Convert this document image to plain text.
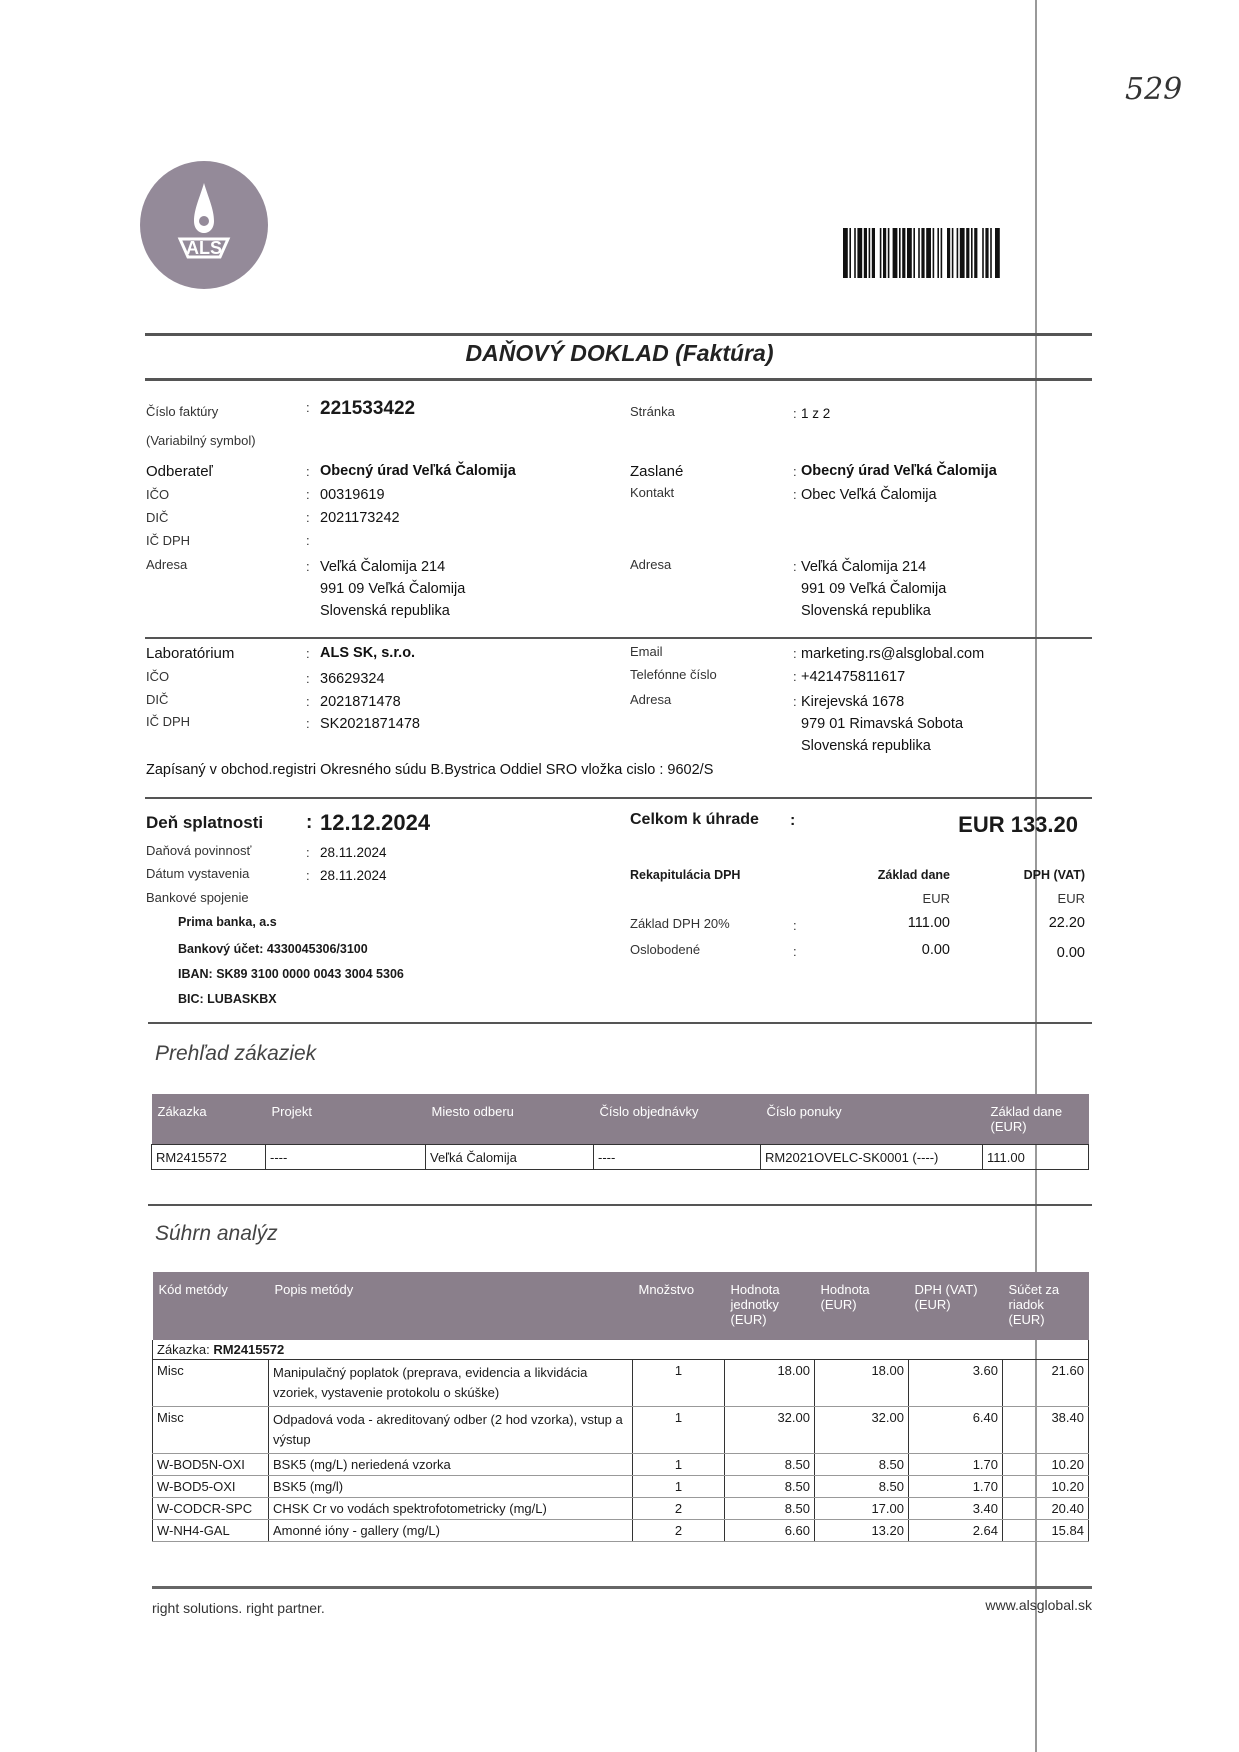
529
ALS
DAŇOVÝ DOKLAD (Faktúra)
Číslo faktúry
(Variabilný symbol)
: 221533422	Stránka	: 1 z 2
Odberateľ	: Obecný úrad Veľká Čalomija
IČO	: 00319619
DIČ	: 2021173242
IČ DPH	:
Adresa	: Veľká Čalomija 214
991 09 Veľká Čalomija
Slovenská republika
Zaslané	: Obecný úrad Veľká Čalomija
Kontakt	: Obec Veľká Čalomija
Adresa	: Veľká Čalomija 214
991 09 Veľká Čalomija
Slovenská republika
Laboratórium	: ALS SK, s.r.o.
IČO	: 36629324
DIČ	: 2021871478
IČ DPH	: SK2021871478
Email	: marketing.rs@alsglobal.com
Telefónne číslo	: +421475811617
Adresa	: Kirejevská 1678
979 01 Rimavská Sobota
Slovenská republika
Zapísaný v obchod.registri Okresného súdu B.Bystrica Oddiel SRO vložka cislo : 9602/S
Deň splatnosti : 12.12.2024
Daňová povinnosť	: 28.11.2024
Dátum vystavenia	: 28.11.2024
Bankové spojenie
Prima banka, a.s
Bankový účet: 4330045306/3100
IBAN: SK89 3100 0000 0043 3004 5306
BIC: LUBASKBX
Celkom k úhrade :	EUR 133.20
Rekapitulácia DPH	Základ dane	DPH (VAT)
EUR	EUR
Základ DPH 20%	:	111.00	22.20
Oslobodené	:	0.00	0.00
Prehľad zákaziek
Zákazka	Projekt	Miesto odberu	Číslo objednávky	Číslo ponuky	Základ dane (EUR)
RM2415572	----	Veľká Čalomija	----	RM2021OVELC-SK0001 (----)	111.00
Súhrn analýz
Kód metódy	Popis metódy	Množstvo	Hodnota jednotky (EUR)	Hodnota (EUR)	DPH (VAT) (EUR)	Súčet za riadok (EUR)
Zákazka: RM2415572						
Misc	Manipulačný poplatok (preprava, evidencia a likvidácia vzoriek, vystavenie protokolu o skúške)	1	18.00	18.00	3.60	21.60
Misc	Odpadová voda - akreditovaný odber (2 hod vzorka), vstup a výstup	1	32.00	32.00	6.40	38.40
W-BOD5N-OXI	BSK5 (mg/L) neriedená vzorka	1	8.50	8.50	1.70	10.20
W-BOD5-OXI	BSK5 (mg/l)	1	8.50	8.50	1.70	10.20
W-CODCR-SPC	CHSK Cr vo vodách spektrofotometricky (mg/L)	2	8.50	17.00	3.40	20.40
W-NH4-GAL	Amonné ióny - gallery (mg/L)	2	6.60	13.20	2.64	15.84
right solutions. right partner.	www.alsglobal.sk
